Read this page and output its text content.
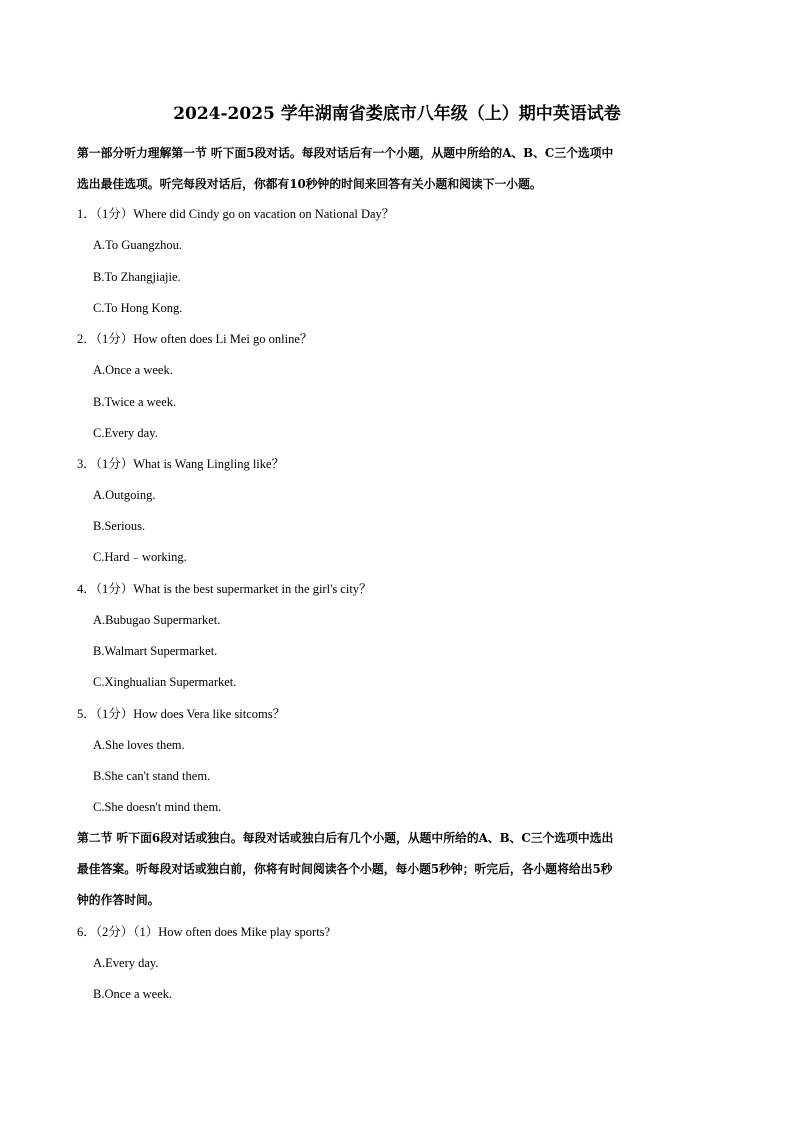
2024-2025 学年湖南省娄底市八年级（上）期中英语试卷
第一部分听力理解第一节 听下面5段对话。每段对话后有一个小题，从题中所给的A、B、C三个选项中
选出最佳选项。听完每段对话后，你都有10秒钟的时间来回答有关小题和阅读下一小题。
1．（1分）Where did Cindy go on vacation on National Day？
A.To Guangzhou.
B.To Zhangjiajie.
C.To Hong Kong.
2．（1分）How often does Li Mei go online？
A.Once a week.
B.Twice a week.
C.Every day.
3．（1分）What is Wang Lingling like？
A.Outgoing.
B.Serious.
C.Hard﹣working.
4．（1分）What is the best supermarket in the girl's city？
A.Bubugao Supermarket.
B.Walmart Supermarket.
C.Xinghualian Supermarket.
5．（1分）How does Vera like sitcoms？
A.She loves them.
B.She can't stand them.
C.She doesn't mind them.
第二节 听下面6段对话或独白。每段对话或独白后有几个小题，从题中所给的A、B、C三个选项中选出
最佳答案。听每段对话或独白前，你将有时间阅读各个小题，每小题5秒钟；听完后，各小题将给出5秒
钟的作答时间。
6．（2分）（1）How often does Mike play sports?
A.Every day.
B.Once a week.
